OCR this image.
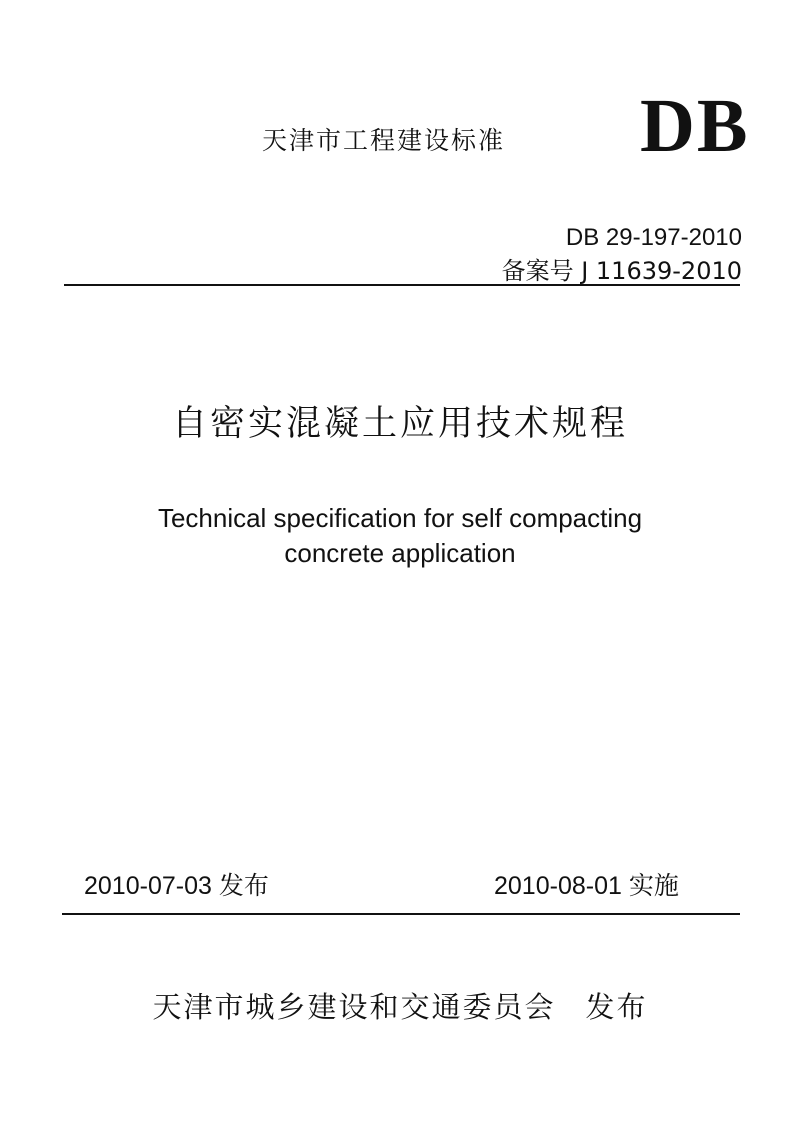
天津市工程建设标准 DB
DB 29-197-2010
备案号 J 11639-2010
自密实混凝土应用技术规程
Technical specification for self compacting
concrete application
2010-07-03 发布	2010-08-01 实施
天津市城乡建设和交通委员会 发布
